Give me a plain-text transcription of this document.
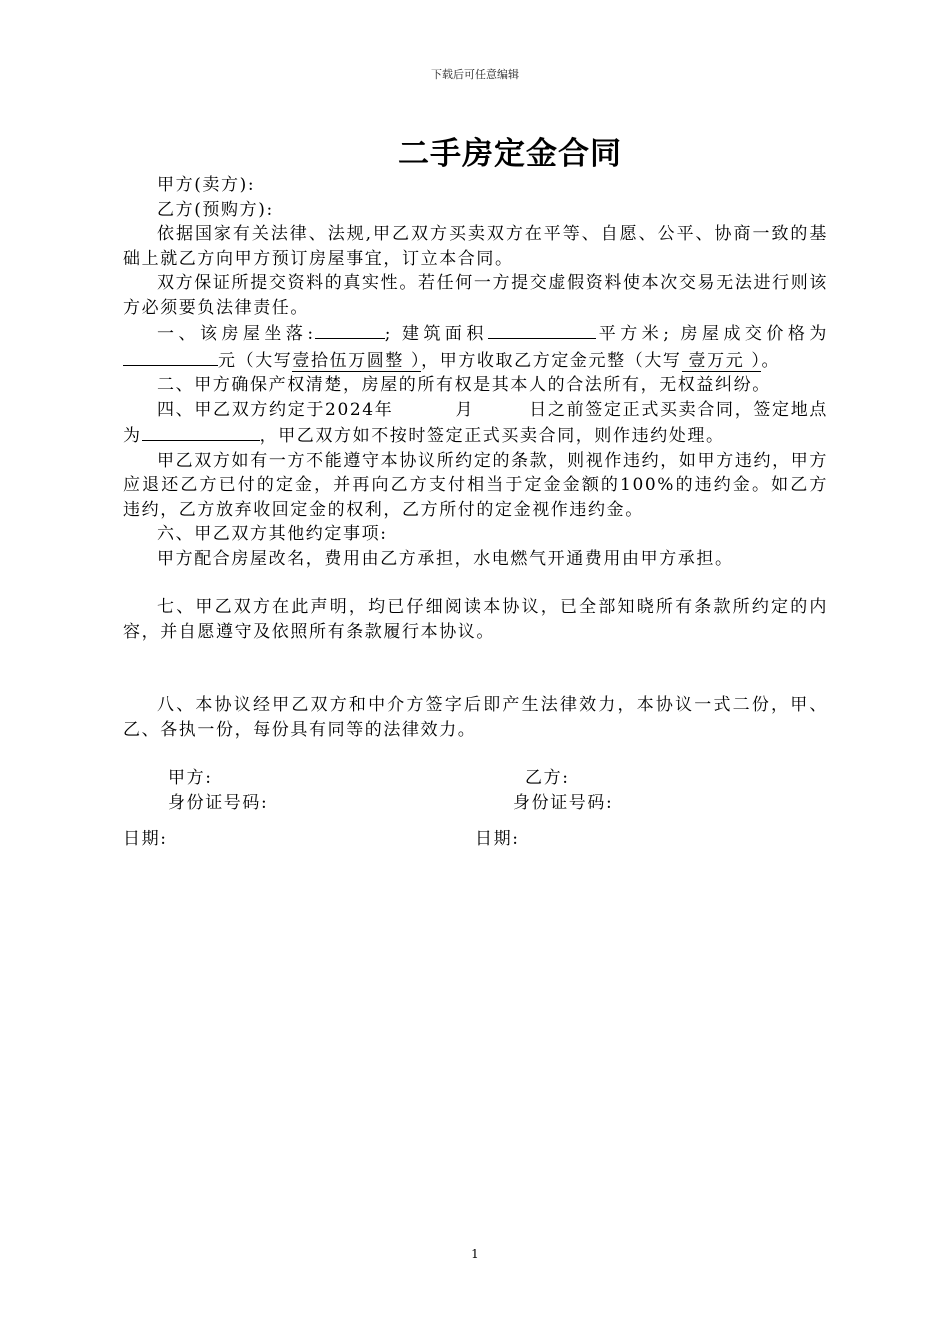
下载后可任意编辑
二手房定金合同
甲方(卖方):
乙方(预购方):
依据国家有关法律、法规,甲乙双方买卖双方在平等、自愿、公平、协商一致的基础上就乙方向甲方预订房屋事宜，订立本合同。
双方保证所提交资料的真实性。若任何一方提交虚假资料使本次交易无法进行则该方必须要负法律责任。
一、该房屋坐落:	; 建筑面积	平方米; 房屋成交价格为元（大写壹拾伍万圆整 ），甲方收取乙方定金元整（大写 壹万元 ）。
二、甲方确保产权清楚，房屋的所有权是其本人的合法所有，无权益纠纷。
四、甲乙双方约定于2024年	月	日之前签定正式买卖合同，签定地点为	，甲乙双方如不按时签定正式买卖合同，则作违约处理。
甲乙双方如有一方不能遵守本协议所约定的条款，则视作违约，如甲方违约，甲方应退还乙方已付的定金，并再向乙方支付相当于定金金额的100%的违约金。如乙方违约，乙方放弃收回定金的权利，乙方所付的定金视作违约金。
六、甲乙双方其他约定事项:
甲方配合房屋改名，费用由乙方承担，水电燃气开通费用由甲方承担。
七、甲乙双方在此声明，均已仔细阅读本协议，已全部知晓所有条款所约定的内容，并自愿遵守及依照所有条款履行本协议。
八、本协议经甲乙双方和中介方签字后即产生法律效力，本协议一式二份，甲、乙、各执一份，每份具有同等的法律效力。
甲方:	乙方:
身份证号码:	身份证号码:
日期:	日期:
1
